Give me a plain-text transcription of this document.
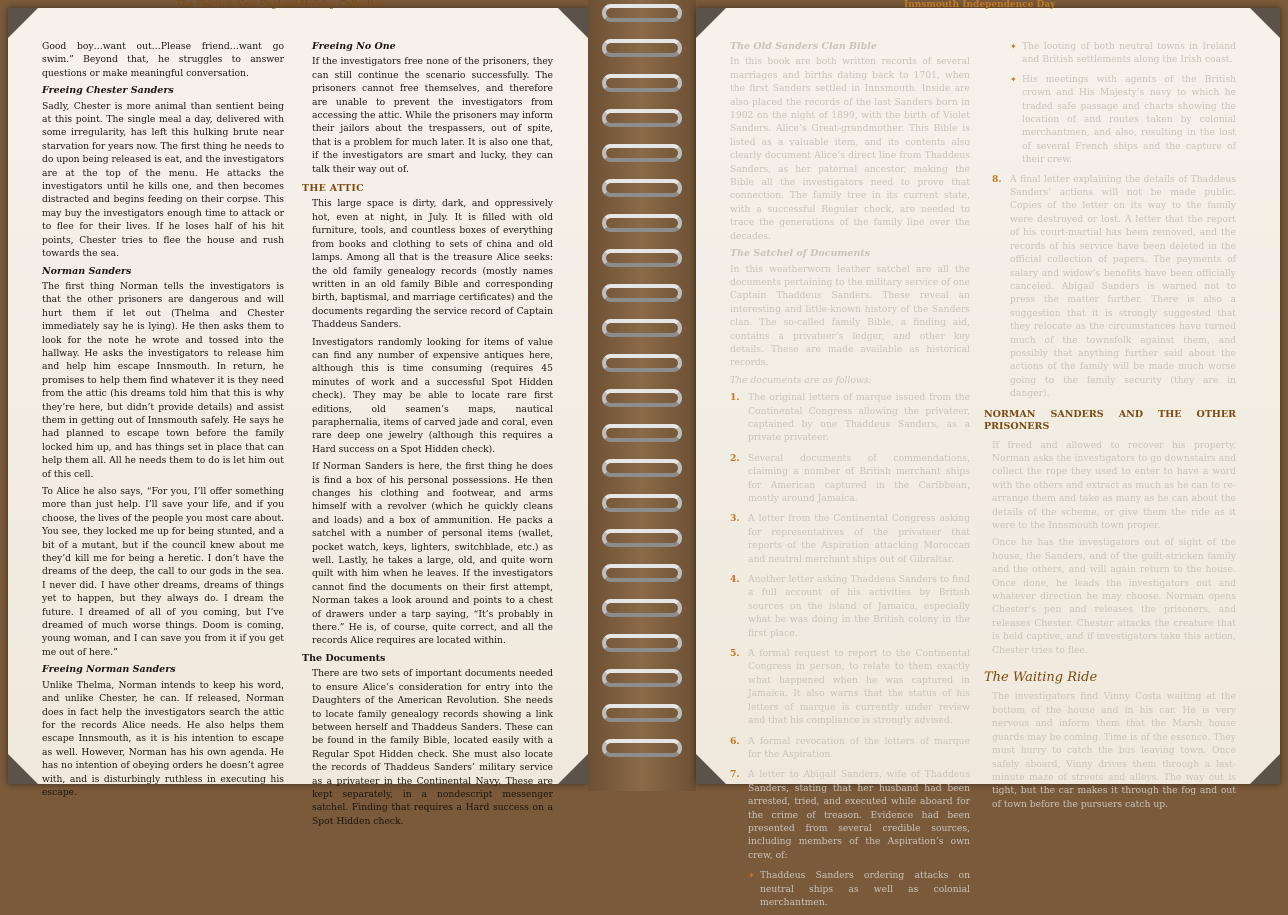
The Eldritch New England Holiday Collection

Good boy…want out…Please friend…want go swim.” Beyond that, he struggles to answer questions or make meaningful conversation.

Freeing Chester Sanders

Sadly, Chester is more animal than sentient being at this point. The single meal a day, delivered with some irregularity, has left this hulking brute near starvation for years now. The first thing he needs to do upon being released is eat, and the investigators are at the top of the menu. He attacks the investigators until he kills one, and then becomes distracted and begins feeding on their corpse. This may buy the investigators enough time to attack or to flee for their lives. If he loses half of his hit points, Chester tries to flee the house and rush towards the sea.

Norman Sanders

The first thing Norman tells the investigators is that the other prisoners are dangerous and will hurt them if let out (Thelma and Chester immediately say he is lying). He then asks them to look for the note he wrote and tossed into the hallway. He asks the investigators to release him and help him escape Innsmouth. In return, he promises to help them find whatever it is they need from the attic (his dreams told him that this is why they’re here, but didn’t provide details) and assist them in getting out of Innsmouth safely. He says he had planned to escape town before the family locked him up, and has things set in place that can help them all. All he needs them to do is let him out of this cell.

To Alice he also says, “For you, I’ll offer something more than just help. I’ll save your life, and if you choose, the lives of the people you most care about. You see, they locked me up for being stunted, and a bit of a mutant, but if the council knew about me they’d kill me for being a heretic. I don’t have the dreams of the deep, the call to our gods in the sea. I never did. I have other dreams, dreams of things yet to happen, but they always do. I dream the future. I dreamed of all of you coming, but I’ve dreamed of much worse things. Doom is coming, young woman, and I can save you from it if you get me out of here.”

Freeing Norman Sanders

Unlike Thelma, Norman intends to keep his word, and unlike Chester, he can. If released, Norman does in fact help the investigators search the attic for the records Alice needs. He also helps them escape Innsmouth, as it is his intention to escape as well. However, Norman has his own agenda. He has no intention of obeying orders he doesn’t agree with, and is disturbingly ruthless in executing his escape.

Freeing No One

If the investigators free none of the prisoners, they can still continue the scenario successfully. The prisoners cannot free themselves, and therefore are unable to prevent the investigators from accessing the attic. While the prisoners may inform their jailors about the trespassers, out of spite, that is a problem for much later. It is also one that, if the investigators are smart and lucky, they can talk their way out of.

THE ATTIC

This large space is dirty, dark, and oppressively hot, even at night, in July. It is filled with old furniture, tools, and countless boxes of everything from books and clothing to sets of china and old lamps. Among all that is the treasure Alice seeks: the old family genealogy records (mostly names written in an old family Bible and corresponding birth, baptismal, and marriage certificates) and the documents regarding the service record of Captain Thaddeus Sanders.

Investigators randomly looking for items of value can find any number of expensive antiques here, although this is time consuming (requires 45 minutes of work and a successful Spot Hidden check). They may be able to locate rare first editions, old seamen’s maps, nautical paraphernalia, items of carved jade and coral, even rare deep one jewelry (although this requires a Hard success on a Spot Hidden check).

If Norman Sanders is here, the first thing he does is find a box of his personal possessions. He then changes his clothing and footwear, and arms himself with a revolver (which he quickly cleans and loads) and a box of ammunition. He packs a satchel with a number of personal items (wallet, pocket watch, keys, lighters, switchblade, etc.) as well. Lastly, he takes a large, old, and quite worn quilt with him when he leaves. If the investigators cannot find the documents on their first attempt, Norman takes a look around and points to a chest of drawers under a tarp saying, “It’s probably in there.” He is, of course, quite correct, and all the records Alice requires are located within.

The Documents

There are two sets of important documents needed to ensure Alice’s consideration for entry into the Daughters of the American Revolution. She needs to locate family genealogy records showing a link between herself and Thaddeus Sanders. These can be found in the family Bible, located easily with a Regular Spot Hidden check. She must also locate the records of Thaddeus Sanders’ military service as a privateer in the Continental Navy. These are kept separately, in a nondescript messenger satchel. Finding that requires a Hard success on a Spot Hidden check.

Innsmouth Independence Day
The Old Sanders Clan Bible

In this book are both written records of several marriages and births dating back to 1701, when the first Sanders settled in Innsmouth. Inside are also placed the records of the last Sanders born in 1902 on the night of 1899, with the birth of Violet Sanders. Alice’s Great-grandmother. This Bible is listed as a valuable item, and its contents also clearly document Alice’s direct line from Thaddeus Sanders, as her paternal ancestor, making the Bible all the investigators need to prove that connection. The family tree in its current state, with a successful Regular check, are needed to trace the generations of the family line over the decades.

The Satchel of Documents

In this weatherworn leather satchel are all the documents pertaining to the military service of one Captain Thaddeus Sanders. These reveal an interesting and little-known history of the Sanders clan. The so-called family Bible, a finding aid, contains a privateer’s ledger, and other key details. These are made available as historical records.

The documents are as follows:

1. The original letters of marque issued from the Continental Congress allowing the privateer, captained by one Thaddeus Sanders, as a private privateer.
2. Several documents of commendations, claiming a number of British merchant ships for American captured in the Caribbean, mostly around Jamaica.
3. A letter from the Continental Congress asking for representatives of the privateer that reports of the Aspiration attacking Moroccan and neutral merchant ships out of Gibraltar.
4. Another letter asking Thaddeus Sanders to find a full account of his activities by British sources on the island of Jamaica, especially what he was doing in the British colony in the first place.
5. A formal request to report to the Continental Congress in person, to relate to them exactly what happened when he was captured in Jamaica. It also warns that the status of his letters of marque is currently under review and that his compliance is strongly advised.
6. A formal revocation of the letters of marque for the Aspiration.
7. A letter to Abigail Sanders, wife of Thaddeus Sanders, stating that her husband had been arrested, tried, and executed while aboard for the crime of treason. Evidence had been presented from several credible sources, including members of the Aspiration’s own crew, of:
✦ Thaddeus Sanders ordering attacks on neutral ships as well as colonial merchantmen.
✦ The looting of both neutral towns in Ireland and British settlements along the Irish coast.
✦ His meetings with agents of the British crown and His Majesty’s navy to which he traded safe passage and charts showing the location of and routes taken by colonial merchantmen, and also, resulting in the lost of several French ships and the capture of their crew.
8. A final letter explaining the details of Thaddeus Sanders’ actions will not be made public. Copies of the letter on its way to the family were destroyed or lost. A letter that the report of his court-martial has been removed, and the records of his service have been deleted in the official collection of papers. The payments of salary and widow’s benefits have been officially canceled. Abigail Sanders is warned not to press the matter further. There is also a suggestion that it is strongly suggested that they relocate as the circumstances have turned much of the townsfolk against them, and possibly that anything further said about the actions of the family will be made much worse going to the family security (they are in danger).
NORMAN SANDERS AND THE OTHER PRISONERS

If freed and allowed to recover his property, Norman asks the investigators to go downstairs and collect the rope they used to enter to have a word with the others and extract as much as he can to re-arrange them and take as many as he can about the details of the scheme, or give them the ride as it were to the Innsmouth town proper.

Once he has the investigators out of sight of the house, the Sanders, and of the guilt-stricken family and the others, and will again return to the house. Once done, he leads the investigators out and whatever direction he may choose. Norman opens Chester’s pen and releases the prisoners, and releases Chester. Chester attacks the creature that is held captive, and if investigators take this action, Chester tries to flee.

The Waiting Ride

The investigators find Vinny Costa waiting at the bottom of the house and in his car. He is very nervous and inform them that the Marsh house guards may be coming. Time is of the essence. They must hurry to catch the bus leaving town. Once safely aboard, Vinny drives them through a last-minute maze of streets and alleys. The way out is tight, but the car makes it through the fog and out of town before the pursuers catch up.
